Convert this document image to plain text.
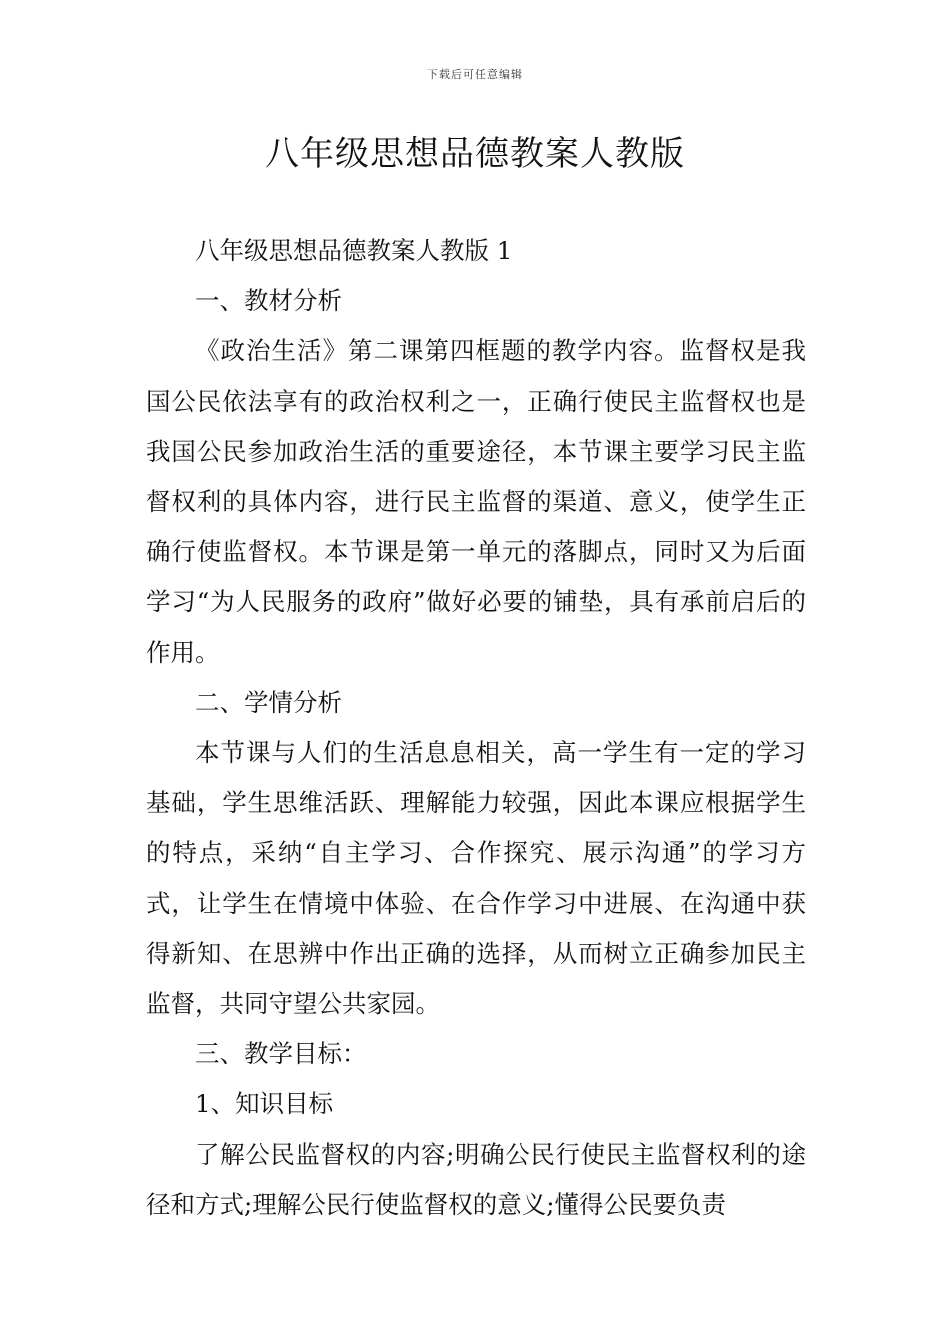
下载后可任意编辑
八年级思想品德教案人教版

八年级思想品德教案人教版 1

一、教材分析

《政治生活》第二课第四框题的教学内容。监督权是我国公民依法享有的政治权利之一，正确行使民主监督权也是我国公民参加政治生活的重要途径，本节课主要学习民主监督权利的具体内容，进行民主监督的渠道、意义，使学生正确行使监督权。本节课是第一单元的落脚点，同时又为后面学习“为人民服务的政府”做好必要的铺垫，具有承前启后的作用。

二、学情分析

本节课与人们的生活息息相关，高一学生有一定的学习基础，学生思维活跃、理解能力较强，因此本课应根据学生的特点，采纳“自主学习、合作探究、展示沟通”的学习方式，让学生在情境中体验、在合作学习中进展、在沟通中获得新知、在思辨中作出正确的选择，从而树立正确参加民主监督，共同守望公共家园。

三、教学目标：

1、知识目标

了解公民监督权的内容;明确公民行使民主监督权利的途径和方式;理解公民行使监督权的意义;懂得公民要负责
